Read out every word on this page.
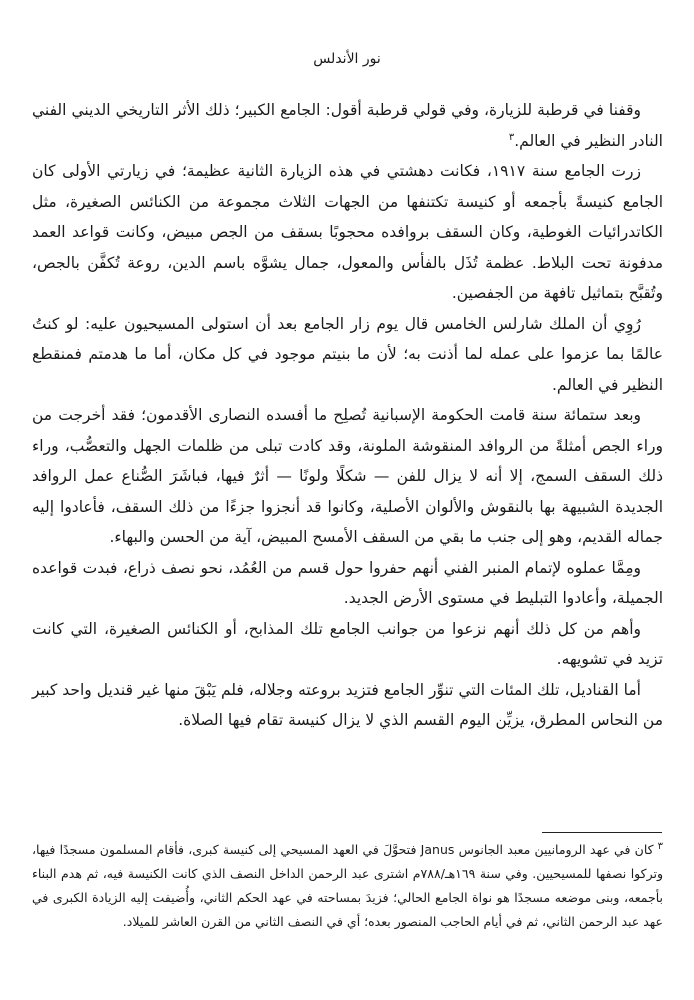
نور الأندلس

وقفنا في قرطبة للزيارة، وفي قولي قرطبة أقول: الجامع الكبير؛ ذلك الأثر التاريخي الديني الفني النادر النظير في العالم.$^٣$

زرت الجامع سنة ١٩١٧، فكانت دهشتي في هذه الزيارة الثانية عظيمة؛ في زيارتي الأولى كان الجامع كنيسةً بأجمعه أو كنيسة تكتنفها من الجهات الثلاث مجموعة من الكنائس الصغيرة، مثل الكاتدرائيات الغوطية، وكان السقف بروافده محجوبًا بسقف من الجص مبيض، وكانت قواعد العمد مدفونة تحت البلاط. عظمة تُذَل بالفأس والمعول، جمال يشوَّه باسم الدين، روعة تُكفَّن بالجص، وتُقبَّح بتماثيل تافهة من الجفصين.

رُوِي أن الملك شارلس الخامس قال يوم زار الجامع بعد أن استولى المسيحيون عليه: لو كنتُ عالمًا بما عزموا على عمله لما أذنت به؛ لأن ما بنيتم موجود في كل مكان، أما ما هدمتم فمنقطع النظير في العالم.

وبعد ستمائة سنة قامت الحكومة الإسبانية تُصلِح ما أفسده النصارى الأقدمون؛ فقد أخرجت من وراء الجص أمثلةً من الروافد المنقوشة الملونة، وقد كادت تبلى من ظلمات الجهل والتعصُّب، وراء ذلك السقف السمج، إلا أنه لا يزال للفن — شكلًا ولونًا — أثرٌ فيها، فباشَرَ الصُّناع عمل الروافد الجديدة الشبيهة بها بالنقوش والألوان الأصلية، وكانوا قد أنجزوا جزءًا من ذلك السقف، فأعادوا إليه جماله القديم، وهو إلى جنب ما بقي من السقف الأمسح المبيض، آية من الحسن والبهاء.

ومِمَّا عملوه لإتمام المنبر الفني أنهم حفروا حول قسم من العُمُد، نحو نصف ذراع، فبدت قواعده الجميلة، وأعادوا التبليط في مستوى الأرض الجديد.

وأهم من كل ذلك أنهم نزعوا من جوانب الجامع تلك المذابح، أو الكنائس الصغيرة، التي كانت تزيد في تشويهه.

أما القناديل، تلك المئات التي تنوِّر الجامع فتزيد بروعته وجلاله، فلم يَبْقَ منها غير قنديل واحد كبير من النحاس المطرق، يزيِّن اليوم القسم الذي لا يزال كنيسة تقام فيها الصلاة.

$^٣$كان في عهد الرومانيين معبد الجانوس Janus فتحوَّلَ في العهد المسيحي إلى كنيسة كبرى، فأقام المسلمون مسجدًا فيها، وتركوا نصفها للمسيحيين. وفي سنة ١٦٩هـ/٧٨٨م اشترى عبد الرحمن الداخل النصف الذي كانت الكنيسة فيه، ثم هدم البناء بأجمعه، وبنى موضعه مسجدًا هو نواة الجامع الحالي؛ فزيدَ بمساحته في عهد الحكم الثاني، وأُضيفت إليه الزيادة الكبرى في عهد عبد الرحمن الثاني، ثم في أيام الحاجب المنصور بعده؛ أي في النصف الثاني من القرن العاشر للميلاد.
